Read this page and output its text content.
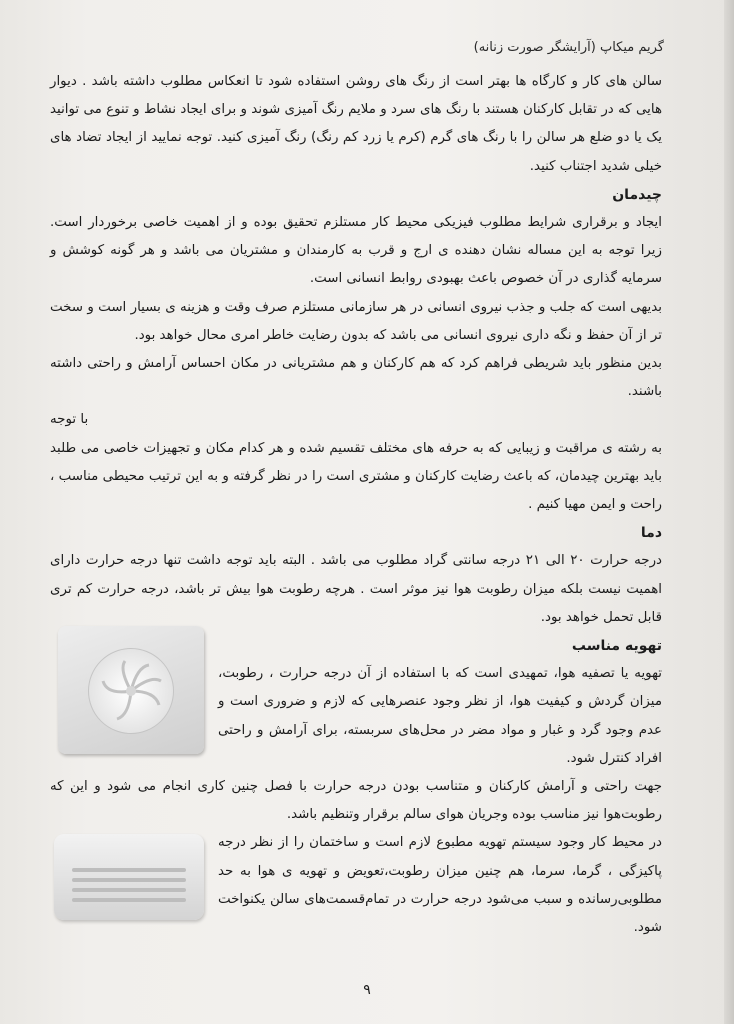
گریم میکاپ (آرایشگر صورت زنانه)

سالن های کار و کارگاه ها بهتر است از رنگ های روشن استفاده شود تا انعکاس مطلوب داشته باشد . دیوار هایی که در تقابل کارکنان هستند با رنگ های سرد و ملایم رنگ آمیزی شوند و برای ایجاد نشاط و تنوع می توانید یک یا دو ضلع هر سالن را با رنگ های گرم (کرم یا زرد کم رنگ) رنگ آمیزی کنید. توجه نمایید از ایجاد تضاد های خیلی شدید اجتناب کنید.

چیدمان

ایجاد و برقراری شرایط مطلوب فیزیکی محیط کار مستلزم تحقیق بوده و از اهمیت خاصی برخوردار است. زیرا توجه به این مساله نشان دهنده ی ارج و قرب به کارمندان و مشتریان می باشد و هر گونه کوشش و سرمایه گذاری در آن خصوص باعث بهبودی روابط انسانی است.

بدیهی است که جلب و جذب نیروی انسانی در هر سازمانی مستلزم صرف وقت و هزینه ی بسیار است و سخت تر از آن حفظ و نگه داری نیروی انسانی می باشد که بدون رضایت خاطر امری محال خواهد بود.

بدین منظور باید شریطی فراهم کرد که هم کارکنان و هم مشتریانی در مکان احساس آرامش و راحتی داشته باشند.

با توجه

به رشته ی مراقبت و زیبایی که به حرفه های مختلف تقسیم شده و هر کدام مکان و تجهیزات خاصی می طلبد باید بهترین چیدمان، که باعث رضایت کارکنان و مشتری است را در نظر گرفته و به این ترتیب محیطی مناسب ، راحت و ایمن مهیا کنیم .

دما

درجه حرارت ۲۰ الی ۲۱ درجه سانتی گراد مطلوب می باشد . البته باید توجه داشت تنها درجه حرارت دارای اهمیت نیست بلکه میزان رطوبت هوا نیز موثر است . هرچه رطوبت هوا بیش تر باشد، درجه حرارت کم تری قابل تحمل خواهد بود.

تهویه مناسب

تهویه یا تصفیه هوا، تمهیدی است که با استفاده از آن درجه حرارت ، رطوبت، میزان گردش و کیفیت هوا، از نظر وجود عنصرهایی که لازم و ضروری است و عدم وجود گرد و غبار و مواد مضر در محل‌های سربسته، برای آرامش و راحتی افراد کنترل شود.

جهت راحتی و آرامش کارکنان و متناسب بودن درجه حرارت با فصل چنین کاری انجام می شود و این که رطوبت‌هوا نیز مناسب بوده وجریان هوای سالم برقرار وتنظیم باشد.

در محیط کار وجود سیستم تهویه مطبوع لازم است و ساختمان را از نظر درجه پاکیزگی ، گرما، سرما، هم چنین میزان رطوبت،تعویض و تهویه ی هوا به حد مطلوبی‌رسانده و سبب می‌شود درجه حرارت در تمام‌قسمت‌های سالن یکنواخت شود.

۹
